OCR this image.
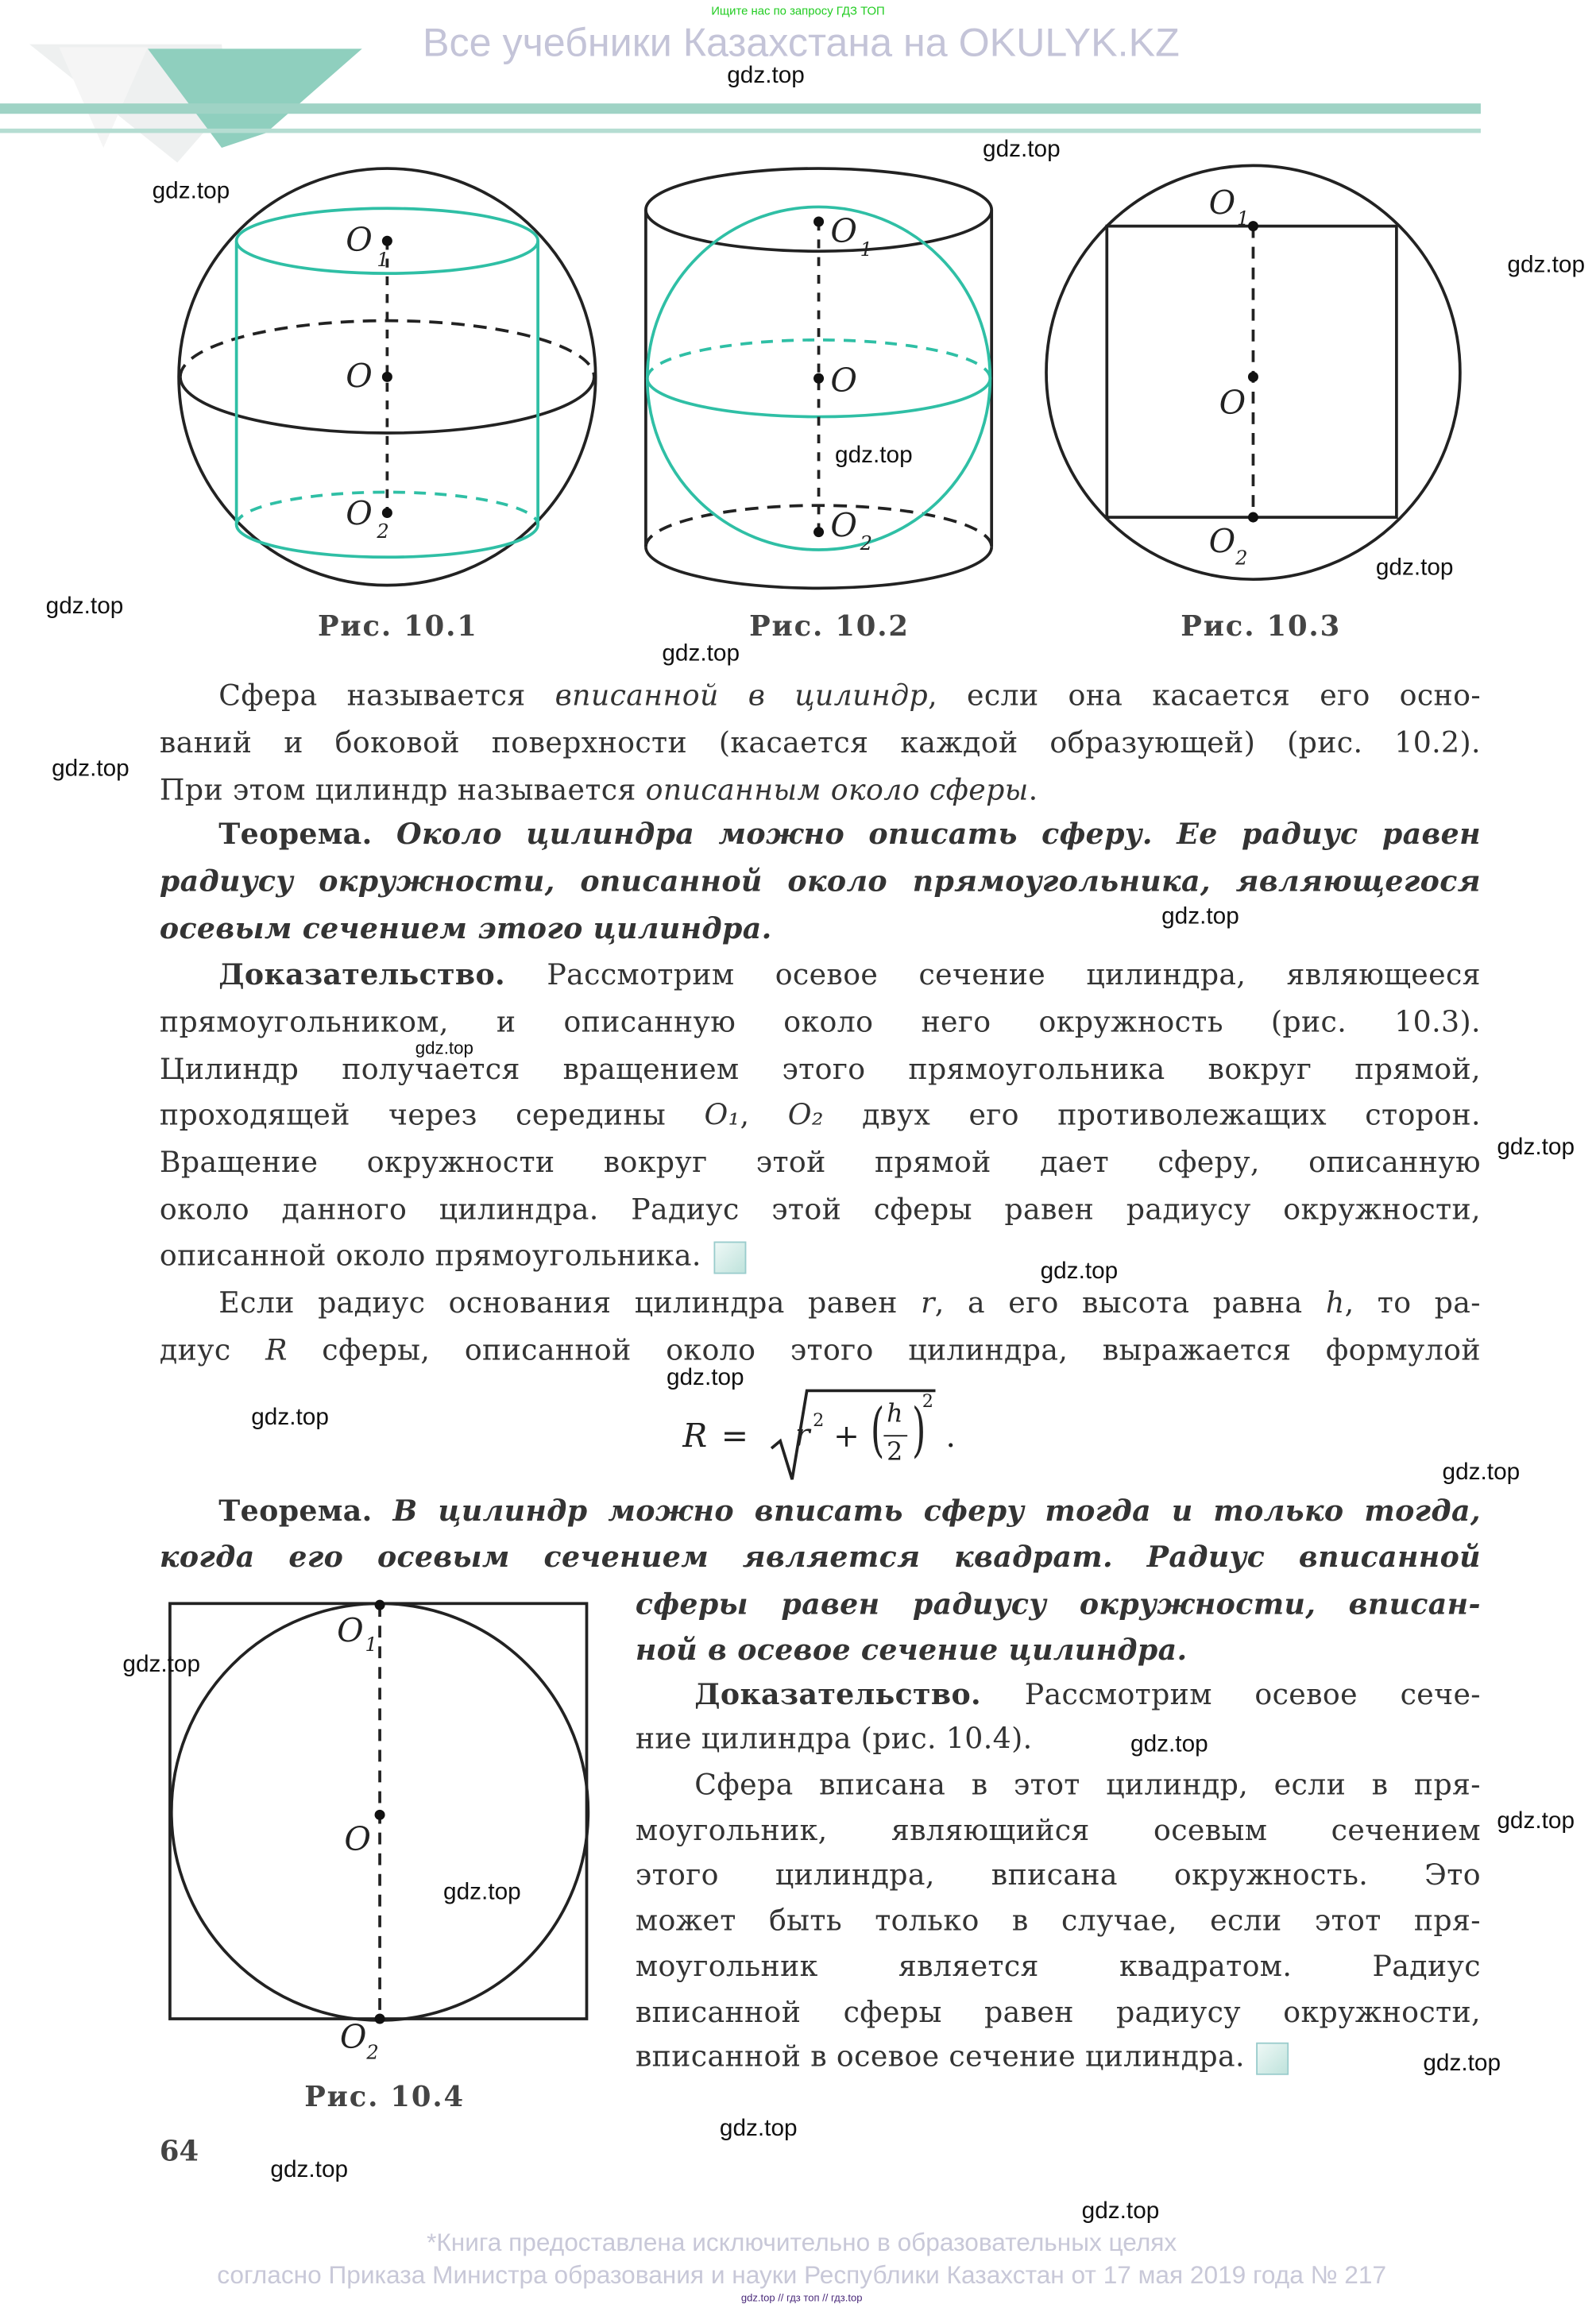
Ищите нас по запросу ГДЗ ТОП
Все учебники Казахстана на OKULYK.KZ
O
1
O
O 2
Рис. 10.1
O 1
O
O 2
Рис. 10.2
O 1
O
O 2
Рис. 10.3
Сфера называется вписанной в цилиндр, если она касается его осно-
ваний и боковой поверхности (касается каждой образующей) (рис. 10.2).
При этом цилиндр называется описанным около сферы.
Теорема. Около цилиндра можно описать сферу. Ее радиус равен
радиусу окружности, описанной около прямоугольника, являющегося
осевым сечением этого цилиндра.
Доказательство. Рассмотрим осевое сечение цилиндра, являющееся
прямоугольником, и описанную около него окружность (рис. 10.3).
Цилиндр получается вращением этого прямоугольника вокруг прямой,
проходящей через середины O₁, O₂ двух его противолежащих сторон.
Вращение окружности вокруг этой прямой дает сферу, описанную
около данного цилиндра. Радиус этой сферы равен радиусу окружности,
описанной около прямоугольника.
Если радиус основания цилиндра равен r, а его высота равна h, то ра-
диус R сферы, описанной около этого цилиндра, выражается формулой
Теорема. В цилиндр можно вписать сферу тогда и только тогда,
когда его осевым сечением является квадрат. Радиус вписанной
сферы равен радиусу окружности, вписан-
ной в осевое сечение цилиндра.
Доказательство. Рассмотрим осевое сече-
ние цилиндра (рис. 10.4).
Сфера вписана в этот цилиндр, если в пря-
моугольник, являющийся осевым сечением
этого цилиндра, вписана окружность. Это
может быть только в случае, если этот пря-
моугольник является квадратом. Радиус
вписанной сферы равен радиусу окружности,
вписанной в осевое сечение цилиндра.
R =	r 2 + ( h
2 )
2
.
O 1
O
O 2
Рис. 10.4
64
gdz.top
gdz.top
gdz.top
gdz.top
gdz.top
gdz.top
gdz.top
gdz.top
gdz.top
gdz.top
gdz.top
gdz.top
gdz.top
gdz.top
gdz.top
gdz.top
gdz.top
gdz.top
gdz.top
gdz.top
gdz.top
gdz.top
gdz.top
gdz.top
*Книга предоставлена исключительно в образовательных целях
согласно Приказа Министра образования и науки Республики Казахстан от 17 мая 2019 года № 217
gdz.top // гдз топ // гдз.top
